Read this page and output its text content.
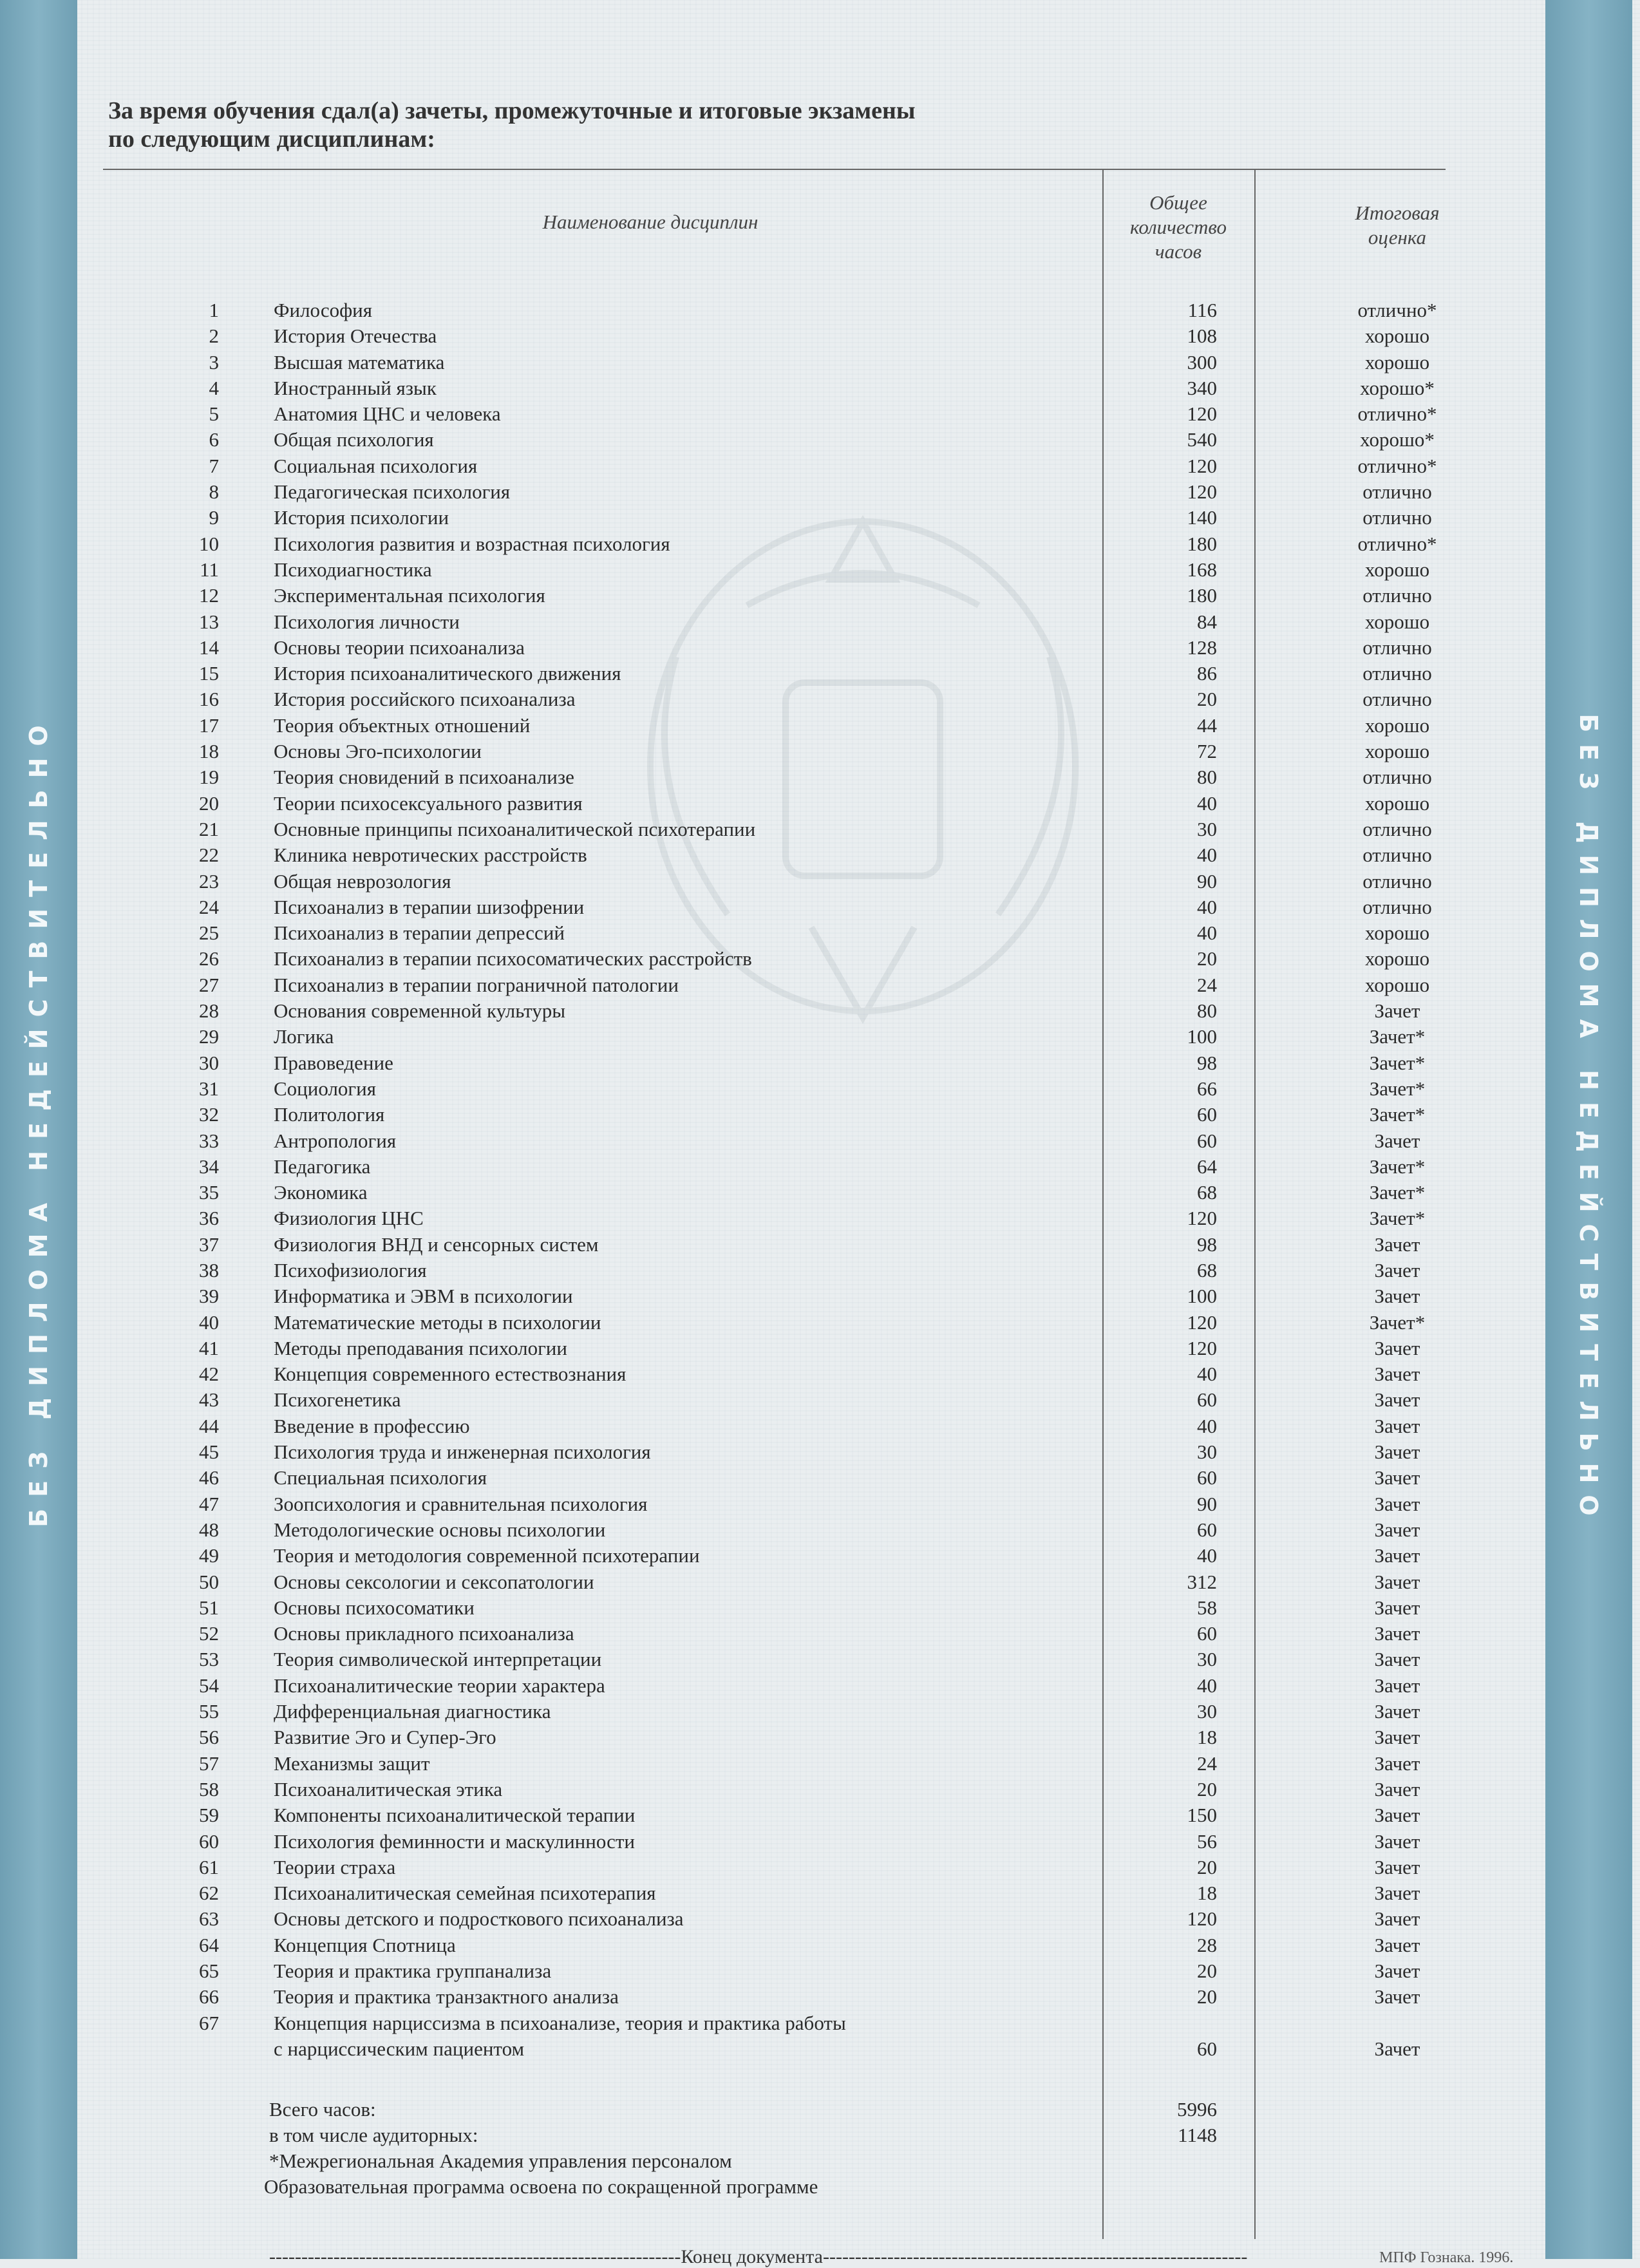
БЕЗ ДИПЛОМА НЕДЕЙСТВИТЕЛЬНО	БЕЗ ДИПЛОМА НЕДЕЙСТВИТЕЛЬНО
За время обучения сдал(а) зачеты, промежуточные и итоговые экзамены
по следующим дисциплинам:
Наименование дисциплин
Общее
количество
часов
Итоговая
оценка
1	Философия	116	отлично*
2	История Отечества	108	хорошо
3	Высшая математика	300	хорошо
4	Иностранный язык	340	хорошо*
5	Анатомия ЦНС и человека	120	отлично*
6	Общая психология	540	хорошо*
7	Социальная психология	120	отлично*
8	Педагогическая психология	120	отлично
9	История психологии	140	отлично
10	Психология развития и возрастная психология	180	отлично*
11	Психодиагностика	168	хорошо
12	Экспериментальная психология	180	отлично
13	Психология личности	84	хорошо
14	Основы теории психоанализа	128	отлично
15	История психоаналитического движения	86	отлично
16	История российского психоанализа	20	отлично
17	Теория объектных отношений	44	хорошо
18	Основы Эго-психологии	72	хорошо
19	Теория сновидений в психоанализе	80	отлично
20	Теории психосексуального развития	40	хорошо
21	Основные принципы психоаналитической психотерапии	30	отлично
22	Клиника невротических расстройств	40	отлично
23	Общая неврозология	90	отлично
24	Психоанализ в терапии шизофрении	40	отлично
25	Психоанализ в терапии депрессий	40	хорошо
26	Психоанализ в терапии психосоматических расстройств	20	хорошо
27	Психоанализ в терапии пограничной патологии	24	хорошо
28	Основания современной культуры	80	Зачет
29	Логика	100	Зачет*
30	Правоведение	98	Зачет*
31	Социология	66	Зачет*
32	Политология	60	Зачет*
33	Антропология	60	Зачет
34	Педагогика	64	Зачет*
35	Экономика	68	Зачет*
36	Физиология ЦНС	120	Зачет*
37	Физиология ВНД и сенсорных систем	98	Зачет
38	Психофизиология	68	Зачет
39	Информатика и ЭВМ в психологии	100	Зачет
40	Математические методы в психологии	120	Зачет*
41	Методы преподавания психологии	120	Зачет
42	Концепция современного естествознания	40	Зачет
43	Психогенетика	60	Зачет
44	Введение в профессию	40	Зачет
45	Психология труда и инженерная психология	30	Зачет
46	Специальная психология	60	Зачет
47	Зоопсихология и сравнительная психология	90	Зачет
48	Методологические основы психологии	60	Зачет
49	Теория и методология современной психотерапии	40	Зачет
50	Основы сексологии и сексопатологии	312	Зачет
51	Основы психосоматики	58	Зачет
52	Основы прикладного психоанализа	60	Зачет
53	Теория символической интерпретации	30	Зачет
54	Психоаналитические теории характера	40	Зачет
55	Дифференциальная диагностика	30	Зачет
56	Развитие Эго и Супер-Эго	18	Зачет
57	Механизмы защит	24	Зачет
58	Психоаналитическая этика	20	Зачет
59	Компоненты психоаналитической терапии	150	Зачет
60	Психология феминности и маскулинности	56	Зачет
61	Теории страха	20	Зачет
62	Психоаналитическая семейная психотерапия	18	Зачет
63	Основы детского и подросткового психоанализа	120	Зачет
64	Концепция Спотница	28	Зачет
65	Теория и практика группанализа	20	Зачет
66	Теория и практика транзактного анализа	20	Зачет
67	Концепция нарциссизма в психоанализе, теория и практика работы
с нарциссическим пациентом	60	Зачет
Всего часов:	5996
в том числе аудиторных:	1148
*Межрегиональная Академия управления персоналом
Образовательная программа освоена по сокращенной программе
----------------------------------------------------------------Конец документа------------------------------------------------------------------	МПФ Гознака. 1996.
